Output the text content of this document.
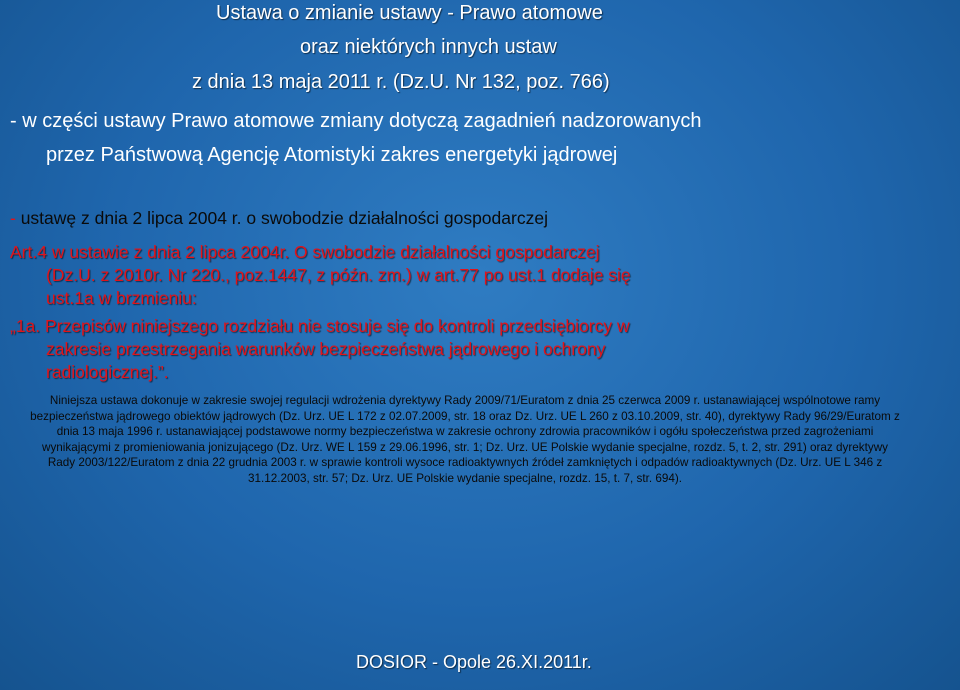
Ustawa o zmianie ustawy - Prawo atomowe
oraz niektórych innych ustaw
z dnia 13 maja 2011 r. (Dz.U. Nr 132, poz. 766)
- w części ustawy Prawo atomowe zmiany dotyczą zagadnień nadzorowanych
przez Państwową Agencję Atomistyki zakres energetyki jądrowej
- ustawę z dnia 2 lipca 2004 r. o swobodzie działalności gospodarczej
Art.4 w ustawie z dnia 2 lipca 2004r. O swobodzie działalności gospodarczej
(Dz.U. z 2010r. Nr 220., poz.1447, z późn. zm.) w art.77 po ust.1 dodaje się
ust.1a w brzmieniu:
„1a. Przepisów niniejszego rozdziału nie stosuje się do kontroli przedsiębiorcy w
zakresie przestrzegania warunków bezpieczeństwa jądrowego i ochrony
radiologicznej.”.
Niniejsza ustawa dokonuje w zakresie swojej regulacji wdrożenia dyrektywy Rady 2009/71/Euratom z dnia 25 czerwca 2009 r. ustanawiającej wspólnotowe ramy bezpieczeństwa jądrowego obiektów jądrowych (Dz. Urz. UE L 172 z 02.07.2009, str. 18 oraz Dz. Urz. UE L 260 z 03.10.2009, str. 40), dyrektywy Rady 96/29/Euratom z dnia 13 maja 1996 r. ustanawiającej podstawowe normy bezpieczeństwa w zakresie ochrony zdrowia pracowników i ogółu społeczeństwa przed zagrożeniami wynikającymi z promieniowania jonizującego (Dz. Urz. WE L 159 z 29.06.1996, str. 1; Dz. Urz. UE Polskie wydanie specjalne, rozdz. 5, t. 2, str. 291) oraz dyrektywy Rady 2003/122/Euratom z dnia 22 grudnia 2003 r. w sprawie kontroli wysoce radioaktywnych źródeł zamkniętych i odpadów radioaktywnych (Dz. Urz. UE L 346 z 31.12.2003, str. 57; Dz. Urz. UE Polskie wydanie specjalne, rozdz. 15, t. 7, str. 694).
DOSIOR - Opole 26.XI.2011r.
